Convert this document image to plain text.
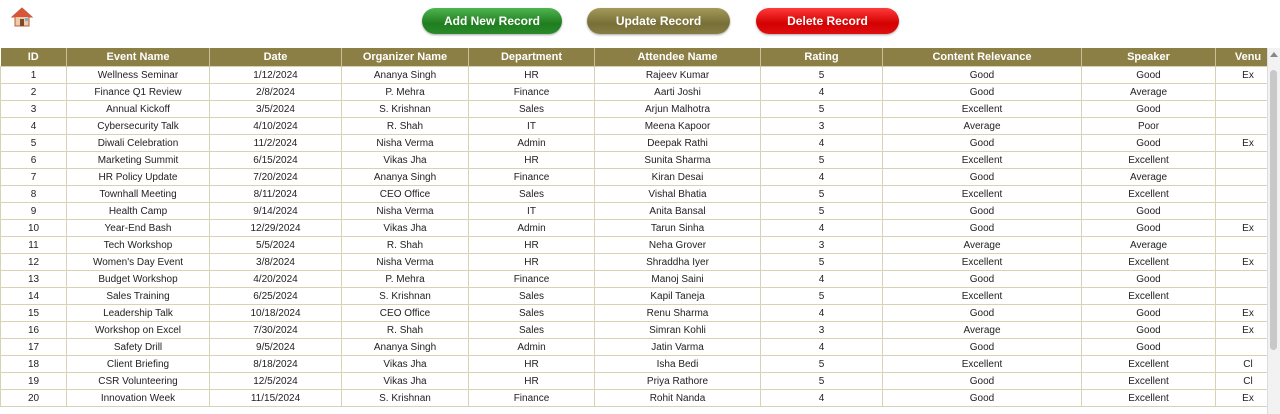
Add New Record	Update Record	Delete Record
ID	Event Name	Date	Organizer Name	Department	Attendee Name	Rating	Content Relevance	Speaker	Venu
1	Wellness Seminar	1/12/2024	Ananya Singh	HR	Rajeev Kumar	5	Good	Good	Ex
2	Finance Q1 Review	2/8/2024	P. Mehra	Finance	Aarti Joshi	4	Good	Average	
3	Annual Kickoff	3/5/2024	S. Krishnan	Sales	Arjun Malhotra	5	Excellent	Good	
4	Cybersecurity Talk	4/10/2024	R. Shah	IT	Meena Kapoor	3	Average	Poor	
5	Diwali Celebration	11/2/2024	Nisha Verma	Admin	Deepak Rathi	4	Good	Good	Ex
6	Marketing Summit	6/15/2024	Vikas Jha	HR	Sunita Sharma	5	Excellent	Excellent	
7	HR Policy Update	7/20/2024	Ananya Singh	Finance	Kiran Desai	4	Good	Average	
8	Townhall Meeting	8/11/2024	CEO Office	Sales	Vishal Bhatia	5	Excellent	Excellent	
9	Health Camp	9/14/2024	Nisha Verma	IT	Anita Bansal	5	Good	Good	
10	Year-End Bash	12/29/2024	Vikas Jha	Admin	Tarun Sinha	4	Good	Good	Ex
11	Tech Workshop	5/5/2024	R. Shah	HR	Neha Grover	3	Average	Average	
12	Women's Day Event	3/8/2024	Nisha Verma	HR	Shraddha Iyer	5	Excellent	Excellent	Ex
13	Budget Workshop	4/20/2024	P. Mehra	Finance	Manoj Saini	4	Good	Good	
14	Sales Training	6/25/2024	S. Krishnan	Sales	Kapil Taneja	5	Excellent	Excellent	
15	Leadership Talk	10/18/2024	CEO Office	Sales	Renu Sharma	4	Good	Good	Ex
16	Workshop on Excel	7/30/2024	R. Shah	Sales	Simran Kohli	3	Average	Good	Ex
17	Safety Drill	9/5/2024	Ananya Singh	Admin	Jatin Varma	4	Good	Good	
18	Client Briefing	8/18/2024	Vikas Jha	HR	Isha Bedi	5	Excellent	Excellent	Cl
19	CSR Volunteering	12/5/2024	Vikas Jha	HR	Priya Rathore	5	Good	Excellent	Cl
20	Innovation Week	11/15/2024	S. Krishnan	Finance	Rohit Nanda	4	Good	Excellent	Ex
